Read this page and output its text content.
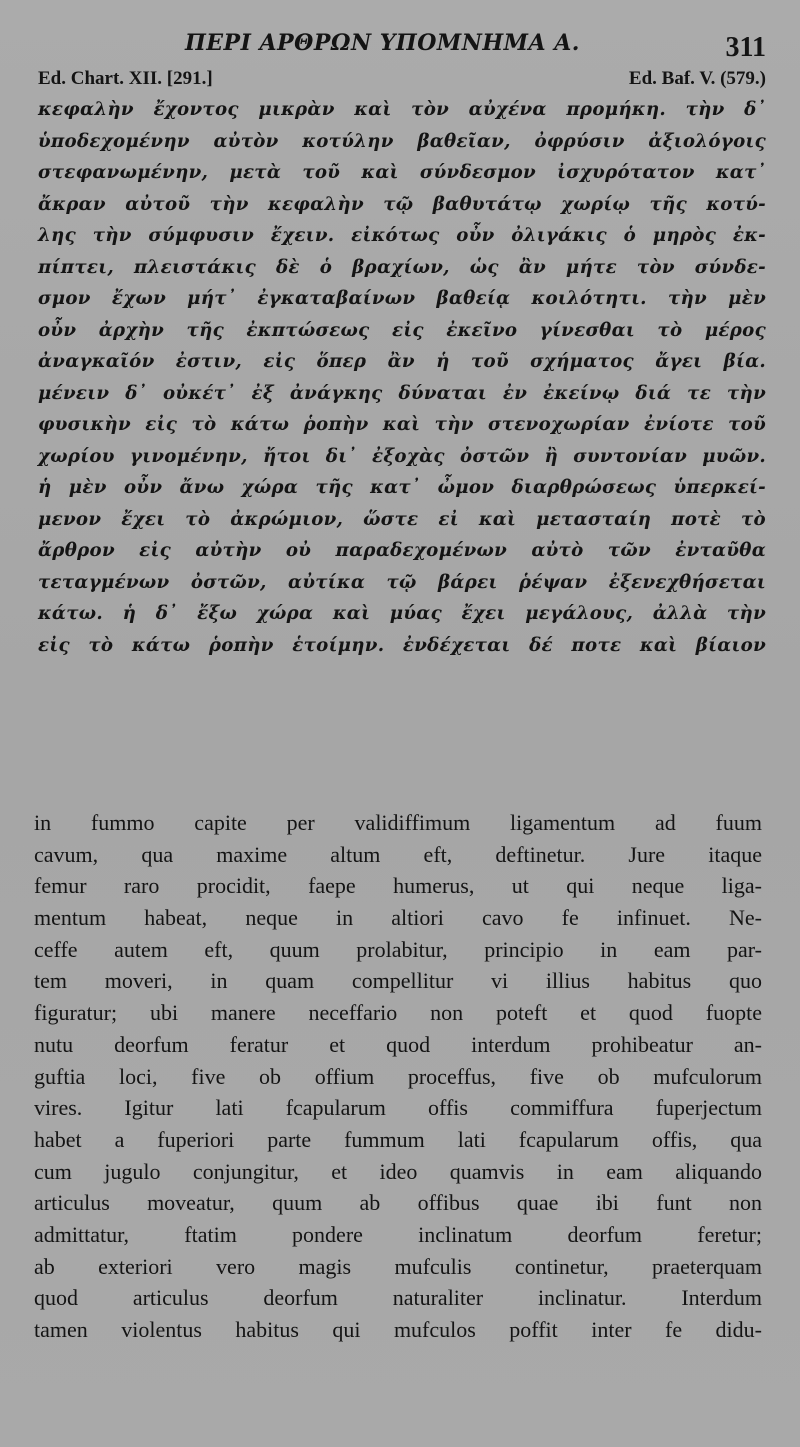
ΠΕΡΙ ΑΡΘΡΩΝ ΥΠΟΜΝΗΜΑ Α.	311
Ed. Chart. XII. [291.]	Ed. Baf. V. (579.)
κεφαλὴν ἔχοντος μικρὰν καὶ τὸν αὐχένα προμήκη. τὴν δ᾽
ὑποδεχομένην αὐτὸν κοτύλην βαθεῖαν, ὀφρύσιν ἀξιολόγοις
στεφανωμένην, μετὰ τοῦ καὶ σύνδεσμον ἰσχυρότατον κατ᾽
ἄκραν αὐτοῦ τὴν κεφαλὴν τῷ βαθυτάτῳ χωρίῳ τῆς κοτύ-
λης τὴν σύμφυσιν ἔχειν. εἰκότως οὖν ὀλιγάκις ὁ μηρὸς ἐκ-
πίπτει, πλειστάκις δὲ ὁ βραχίων, ὡς ἂν μήτε τὸν σύνδε-
σμον ἔχων μήτ᾽ ἐγκαταβαίνων βαθείᾳ κοιλότητι. τὴν μὲν
οὖν ἀρχὴν τῆς ἐκπτώσεως εἰς ἐκεῖνο γίνεσθαι τὸ μέρος
ἀναγκαῖόν ἐστιν, εἰς ὅπερ ἂν ἡ τοῦ σχήματος ἄγει βία.
μένειν δ᾽ οὐκέτ᾽ ἐξ ἀνάγκης δύναται ἐν ἐκείνῳ διά τε τὴν
φυσικὴν εἰς τὸ κάτω ῥοπὴν καὶ τὴν στενοχωρίαν ἐνίοτε τοῦ
χωρίου γινομένην, ἤτοι δι᾽ ἐξοχὰς ὀστῶν ἢ συντονίαν μυῶν.
ἡ μὲν οὖν ἄνω χώρα τῆς κατ᾽ ὦμον διαρθρώσεως ὑπερκεί-
μενον ἔχει τὸ ἀκρώμιον, ὥστε εἰ καὶ μετασταίη ποτὲ τὸ
ἄρθρον εἰς αὐτὴν οὐ παραδεχομένων αὐτὸ τῶν ἐνταῦθα
τεταγμένων ὀστῶν, αὐτίκα τῷ βάρει ῥέψαν ἐξενεχθήσεται
κάτω. ἡ δ᾽ ἔξω χώρα καὶ μύας ἔχει μεγάλους, ἀλλὰ τὴν
εἰς τὸ κάτω ῥοπὴν ἑτοίμην. ἐνδέχεται δέ ποτε καὶ βίαιον
in fummo capite per validiffimum ligamentum ad fuum
cavum, qua maxime altum eft, deftinetur. Jure itaque
femur raro procidit, faepe humerus, ut qui neque liga-
mentum habeat, neque in altiori cavo fe infinuet. Ne-
ceffe autem eft, quum prolabitur, principio in eam par-
tem moveri, in quam compellitur vi illius habitus quo
figuratur; ubi manere neceffario non poteft et quod fuopte
nutu deorfum feratur et quod interdum prohibeatur an-
guftia loci, five ob offium proceffus, five ob mufculorum
vires. Igitur lati fcapularum offis commiffura fuperjectum
habet a fuperiori parte fummum lati fcapularum offis, qua
cum jugulo conjungitur, et ideo quamvis in eam aliquando
articulus moveatur, quum ab offibus quae ibi funt non
admittatur, ftatim pondere inclinatum deorfum feretur;
ab exteriori vero magis mufculis continetur, praeterquam
quod articulus deorfum naturaliter inclinatur. Interdum
tamen violentus habitus qui mufculos poffit inter fe didu-
